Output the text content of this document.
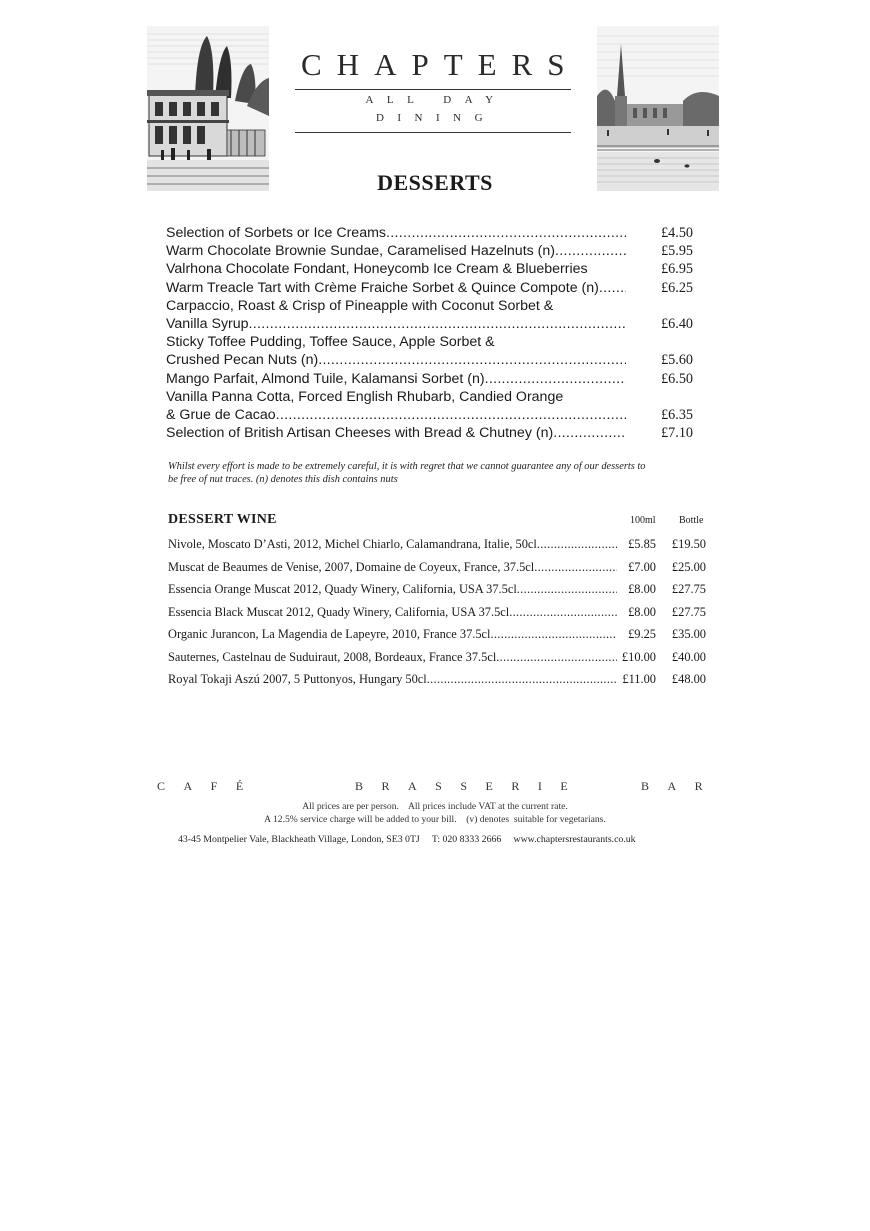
CHAPTERS
ALL DAY DINING
DESSERTS
Selection of Sorbets or Ice Creams .....	£4.50
Warm Chocolate Brownie Sundae, Caramelised Hazelnuts (n) .....	£5.95
Valrhona Chocolate Fondant, Honeycomb Ice Cream & Blueberries	£6.95
Warm Treacle Tart with Crème Fraiche Sorbet & Quince Compote (n) .....	£6.25
Carpaccio, Roast & Crisp of Pineapple with Coconut Sorbet &
Vanilla Syrup .....	£6.40
Sticky Toffee Pudding, Toffee Sauce, Apple Sorbet &
Crushed Pecan Nuts (n) .....	£5.60
Mango Parfait, Almond Tuile, Kalamansi Sorbet (n) .....	£6.50
Vanilla Panna Cotta, Forced English Rhubarb, Candied Orange
& Grue de Cacao .....	£6.35
Selection of British Artisan Cheeses with Bread & Chutney (n) .....	£7.10
Whilst every effort is made to be extremely careful, it is with regret that we cannot guarantee any of our desserts to be free of nut traces. (n) denotes this dish contains nuts
DESSERT WINE	100ml Bottle
Nivole, Moscato D’Asti, 2012, Michel Chiarlo, Calamandrana, Italie, 50cl .....	£5.85	£19.50
Muscat de Beaumes de Venise, 2007, Domaine de Coyeux, France, 37.5cl .....	£7.00	£25.00
Essencia Orange Muscat 2012, Quady Winery, California, USA 37.5cl .....	£8.00	£27.75
Essencia Black Muscat 2012, Quady Winery, California, USA 37.5cl .....	£8.00	£27.75
Organic Jurancon, La Magendia de Lapeyre, 2010, France 37.5cl .....	£9.25	£35.00
Sauternes, Castelnau de Suduiraut, 2008, Bordeaux, France 37.5cl .....	£10.00	£40.00
Royal Tokaji Aszú 2007, 5 Puttonyos, Hungary 50cl .....	£11.00	£48.00
CAFÉ	BRASSERIE	BAR
All prices are per person.    All prices include VAT at the current rate.
A 12.5% service charge will be added to your bill.    (v) denotes  suitable for vegetarians.
43-45 Montpelier Vale, Blackheath Village, London, SE3 0TJ     T: 020 8333 2666     www.chaptersrestaurants.co.uk
